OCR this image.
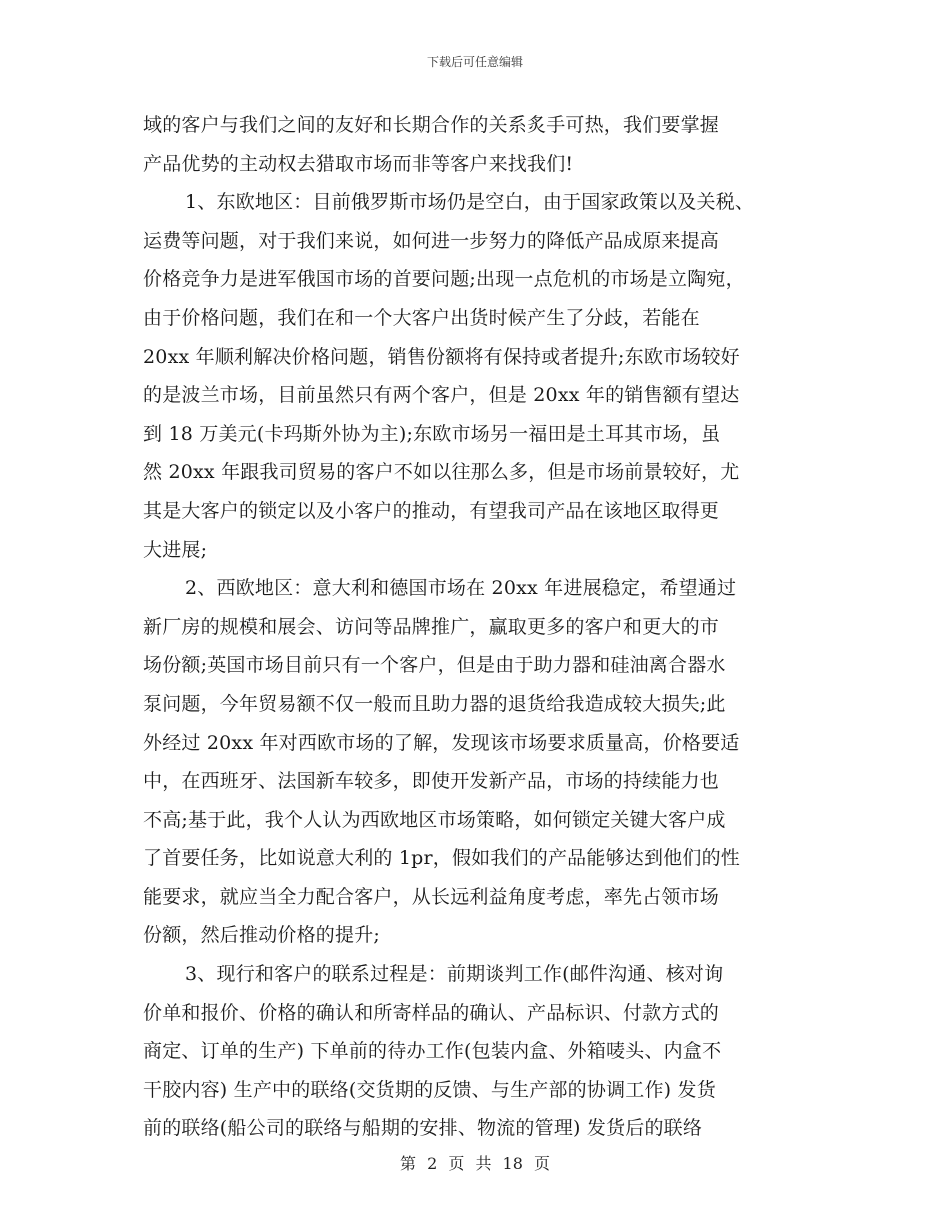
下载后可任意编辑
域的客户与我们之间的友好和长期合作的关系炙手可热，我们要掌握
产品优势的主动权去猎取市场而非等客户来找我们!
1、东欧地区：目前俄罗斯市场仍是空白，由于国家政策以及关税、
运费等问题，对于我们来说，如何进一步努力的降低产品成原来提高
价格竞争力是进军俄国市场的首要问题;出现一点危机的市场是立陶宛，
由于价格问题，我们在和一个大客户出货时候产生了分歧，若能在
20xx 年顺利解决价格问题，销售份额将有保持或者提升;东欧市场较好
的是波兰市场，目前虽然只有两个客户，但是 20xx 年的销售额有望达
到 18 万美元(卡玛斯外协为主);东欧市场另一福田是土耳其市场，虽
然 20xx 年跟我司贸易的客户不如以往那么多，但是市场前景较好，尤
其是大客户的锁定以及小客户的推动，有望我司产品在该地区取得更
大进展;
2、西欧地区：意大利和德国市场在 20xx 年进展稳定，希望通过
新厂房的规模和展会、访问等品牌推广，赢取更多的客户和更大的市
场份额;英国市场目前只有一个客户，但是由于助力器和硅油离合器水
泵问题，今年贸易额不仅一般而且助力器的退货给我造成较大损失;此
外经过 20xx 年对西欧市场的了解，发现该市场要求质量高，价格要适
中，在西班牙、法国新车较多，即使开发新产品，市场的持续能力也
不高;基于此，我个人认为西欧地区市场策略，如何锁定关键大客户成
了首要任务，比如说意大利的 1pr，假如我们的产品能够达到他们的性
能要求，就应当全力配合客户，从长远利益角度考虑，率先占领市场
份额，然后推动价格的提升;
3、现行和客户的联系过程是：前期谈判工作(邮件沟通、核对询
价单和报价、价格的确认和所寄样品的确认、产品标识、付款方式的
商定、订单的生产) 下单前的待办工作(包装内盒、外箱唛头、内盒不
干胶内容) 生产中的联络(交货期的反馈、与生产部的协调工作) 发货
前的联络(船公司的联络与船期的安排、物流的管理) 发货后的联络
第 2 页 共 18 页
